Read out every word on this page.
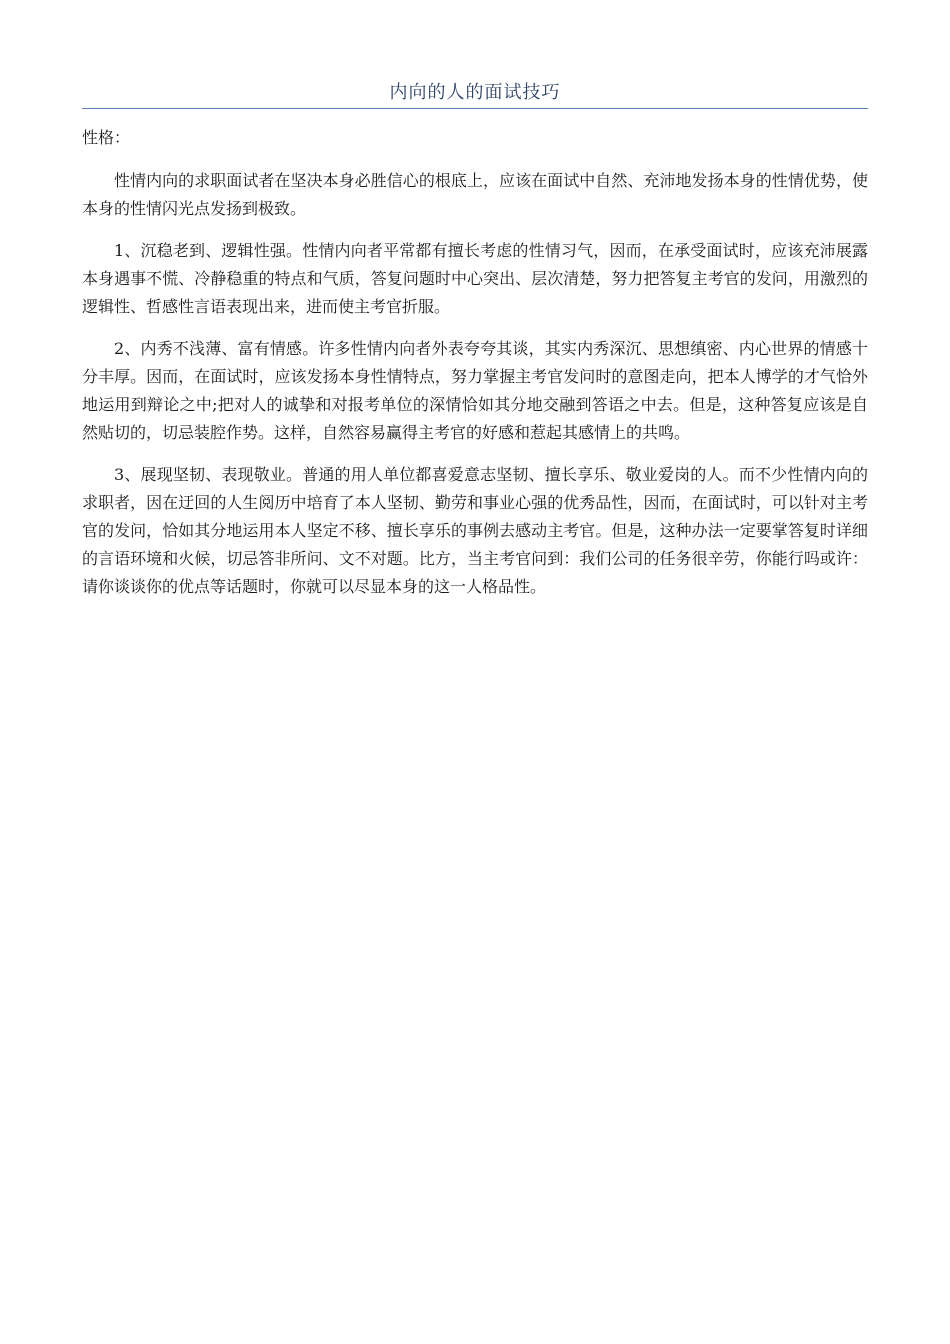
内向的人的面试技巧
性格：

性情内向的求职面试者在坚决本身必胜信心的根底上，应该在面试中自然、充沛地发扬本身的性情优势，使本身的性情闪光点发扬到极致。

1、沉稳老到、逻辑性强。性情内向者平常都有擅长考虑的性情习气，因而，在承受面试时，应该充沛展露本身遇事不慌、冷静稳重的特点和气质，答复问题时中心突出、层次清楚，努力把答复主考官的发问，用激烈的逻辑性、哲感性言语表现出来，进而使主考官折服。

2、内秀不浅薄、富有情感。许多性情内向者外表夸夸其谈，其实内秀深沉、思想缜密、内心世界的情感十分丰厚。因而，在面试时，应该发扬本身性情特点，努力掌握主考官发问时的意图走向，把本人博学的才气恰外地运用到辩论之中;把对人的诚挚和对报考单位的深情恰如其分地交融到答语之中去。但是，这种答复应该是自然贴切的，切忌装腔作势。这样，自然容易赢得主考官的好感和惹起其感情上的共鸣。

3、展现坚韧、表现敬业。普通的用人单位都喜爱意志坚韧、擅长享乐、敬业爱岗的人。而不少性情内向的求职者，因在迂回的人生阅历中培育了本人坚韧、勤劳和事业心强的优秀品性，因而，在面试时，可以针对主考官的发问，恰如其分地运用本人坚定不移、擅长享乐的事例去感动主考官。但是，这种办法一定要掌答复时详细的言语环境和火候，切忌答非所问、文不对题。比方，当主考官问到：我们公司的任务很辛劳，你能行吗或许：请你谈谈你的优点等话题时，你就可以尽显本身的这一人格品性。
